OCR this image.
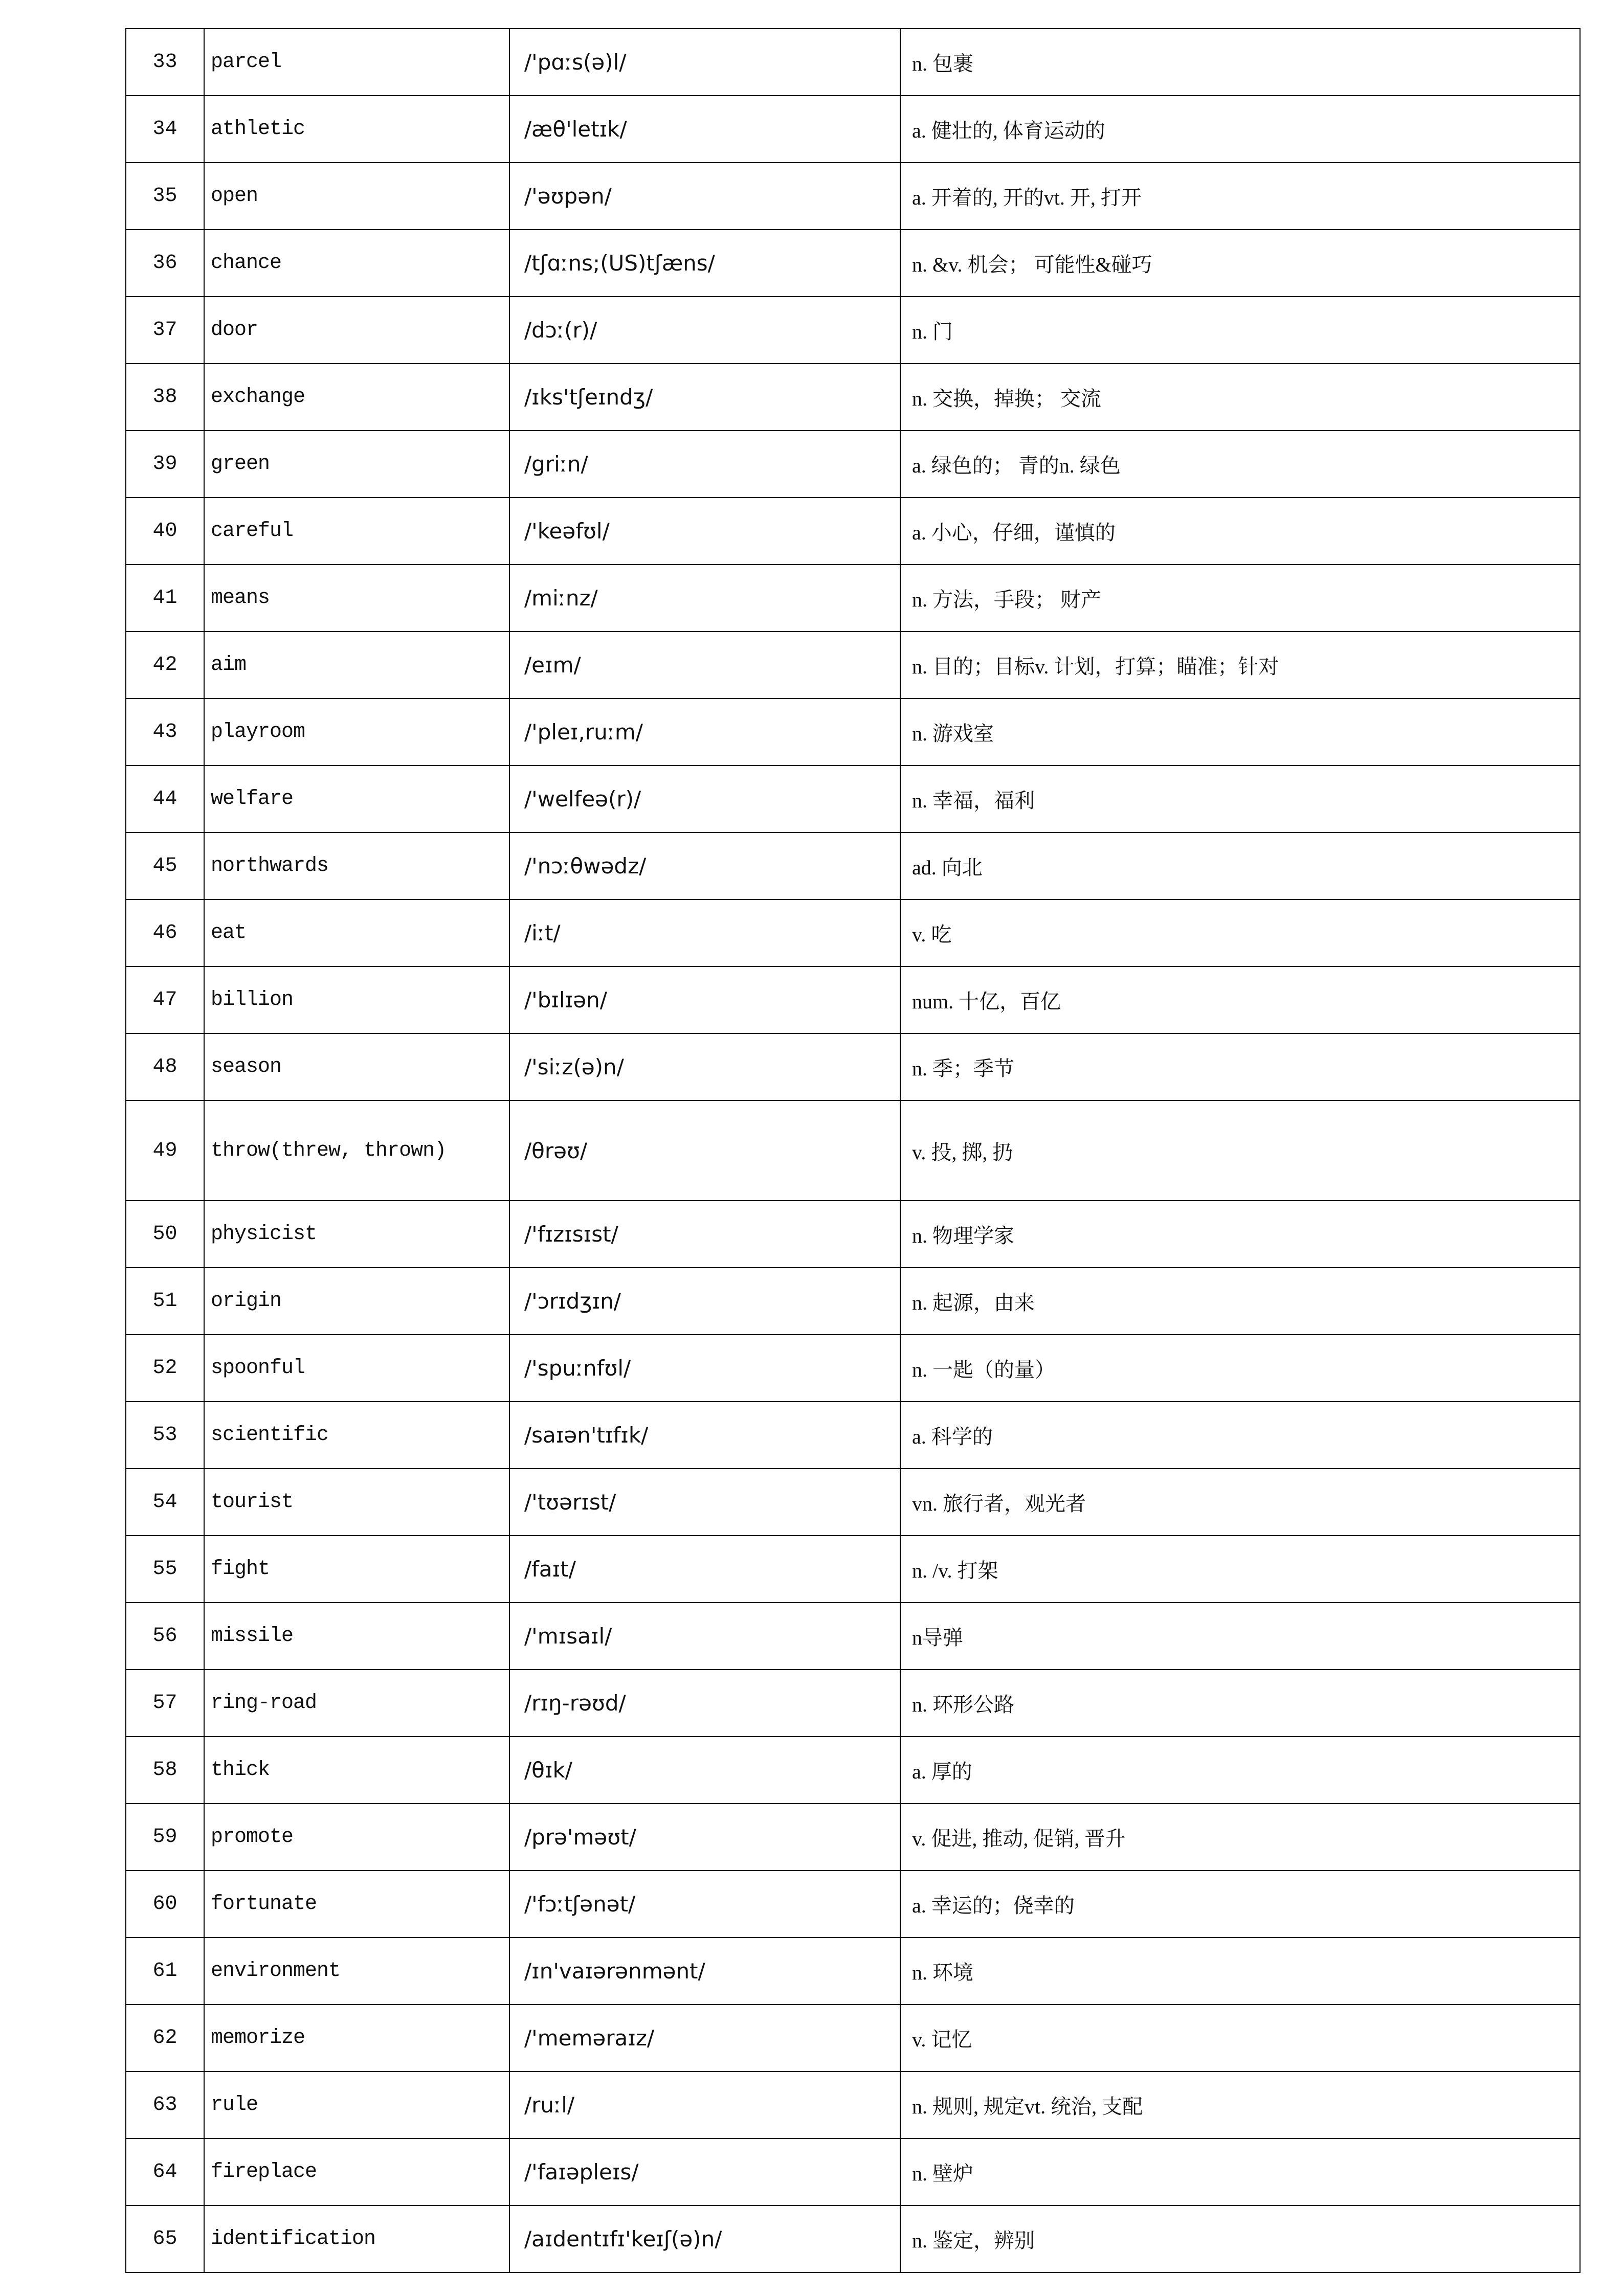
33	parcel	/'pɑːs(ə)l/	n. 包裹
34	athletic	/æθ'letɪk/	a. 健壮的, 体育运动的
35	open	/'əʊpən/	a. 开着的, 开的vt. 开, 打开
36	chance	/tʃɑːns;(US)tʃæns/	n. &v. 机会； 可能性&碰巧
37	door	/dɔː(r)/	n. 门
38	exchange	/ɪks'tʃeɪndʒ/	n. 交换，掉换； 交流
39	green	/griːn/	a. 绿色的； 青的n. 绿色
40	careful	/'keəfʊl/	a. 小心，仔细，谨慎的
41	means	/miːnz/	n. 方法，手段； 财产
42	aim	/eɪm/	n. 目的；目标v. 计划，打算；瞄准；针对
43	playroom	/'pleɪ,ruːm/	n. 游戏室
44	welfare	/'welfeə(r)/	n. 幸福，福利
45	northwards	/'nɔːθwədz/	ad. 向北
46	eat	/iːt/	v. 吃
47	billion	/'bɪlɪən/	num. 十亿，百亿
48	season	/'siːz(ə)n/	n. 季；季节
49	throw(threw, thrown)	/θrəʊ/	v. 投, 掷, 扔
50	physicist	/'fɪzɪsɪst/	n. 物理学家
51	origin	/'ɔrɪdʒɪn/	n. 起源，由来
52	spoonful	/'spuːnfʊl/	n. 一匙（的量）
53	scientific	/saɪən'tɪfɪk/	a. 科学的
54	tourist	/'tʊərɪst/	vn. 旅行者，观光者
55	fight	/faɪt/	n. /v. 打架
56	missile	/'mɪsaɪl/	n导弹
57	ring-road	/rɪŋ-rəʊd/	n. 环形公路
58	thick	/θɪk/	a. 厚的
59	promote	/prə'məʊt/	v. 促进, 推动, 促销, 晋升
60	fortunate	/'fɔːtʃənət/	a. 幸运的；侥幸的
61	environment	/ɪn'vaɪərənmənt/	n. 环境
62	memorize	/'meməraɪz/	v. 记忆
63	rule	/ruːl/	n. 规则, 规定vt. 统治, 支配
64	fireplace	/'faɪəpleɪs/	n. 壁炉
65	identification	/aɪdentɪfɪ'keɪʃ(ə)n/	n. 鉴定，辨别
